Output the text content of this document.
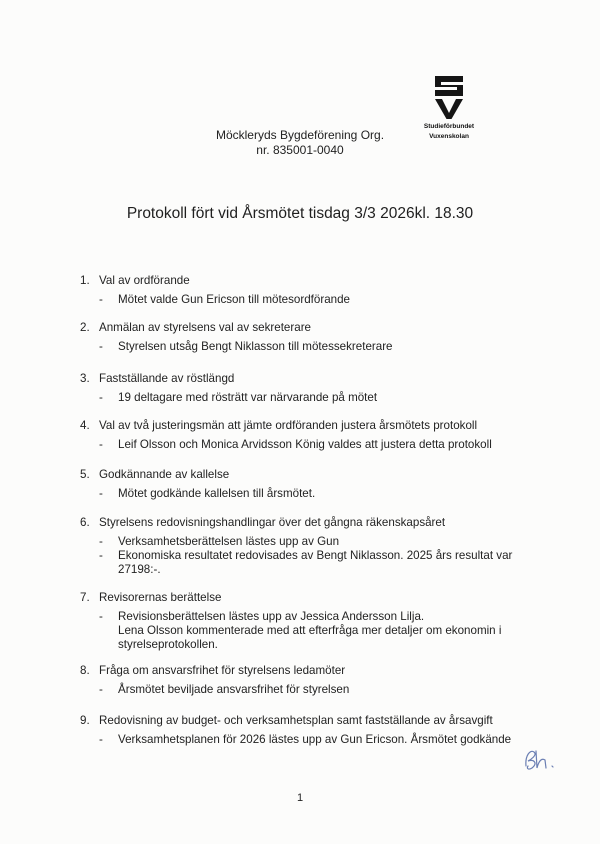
Möckleryds Bygdeförening Org.
nr. 835001-0040
Studieförbundet
Vuxenskolan
Protokoll fört vid Årsmötet tisdag 3/3 2026kl. 18.30
1. Val av ordförande
- Mötet valde Gun Ericson till mötesordförande
2. Anmälan av styrelsens val av sekreterare
- Styrelsen utsåg Bengt Niklasson till mötessekreterare
3. Fastställande av röstlängd
- 19 deltagare med rösträtt var närvarande på mötet
4. Val av två justeringsmän att jämte ordföranden justera årsmötets protokoll
- Leif Olsson och Monica Arvidsson König valdes att justera detta protokoll
5. Godkännande av kallelse
- Mötet godkände kallelsen till årsmötet.
6. Styrelsens redovisningshandlingar över det gångna räkenskapsåret
- Verksamhetsberättelsen lästes upp av Gun
- Ekonomiska resultatet redovisades av Bengt Niklasson. 2025 års resultat var
27198:-.
7. Revisorernas berättelse
- Revisionsberättelsen lästes upp av Jessica Andersson Lilja.
Lena Olsson kommenterade med att efterfråga mer detaljer om ekonomin i
styrelseprotokollen.
8. Fråga om ansvarsfrihet för styrelsens ledamöter
- Årsmötet beviljade ansvarsfrihet för styrelsen
9. Redovisning av budget- och verksamhetsplan samt fastställande av årsavgift
- Verksamhetsplanen för 2026 lästes upp av Gun Ericson. Årsmötet godkände
1
